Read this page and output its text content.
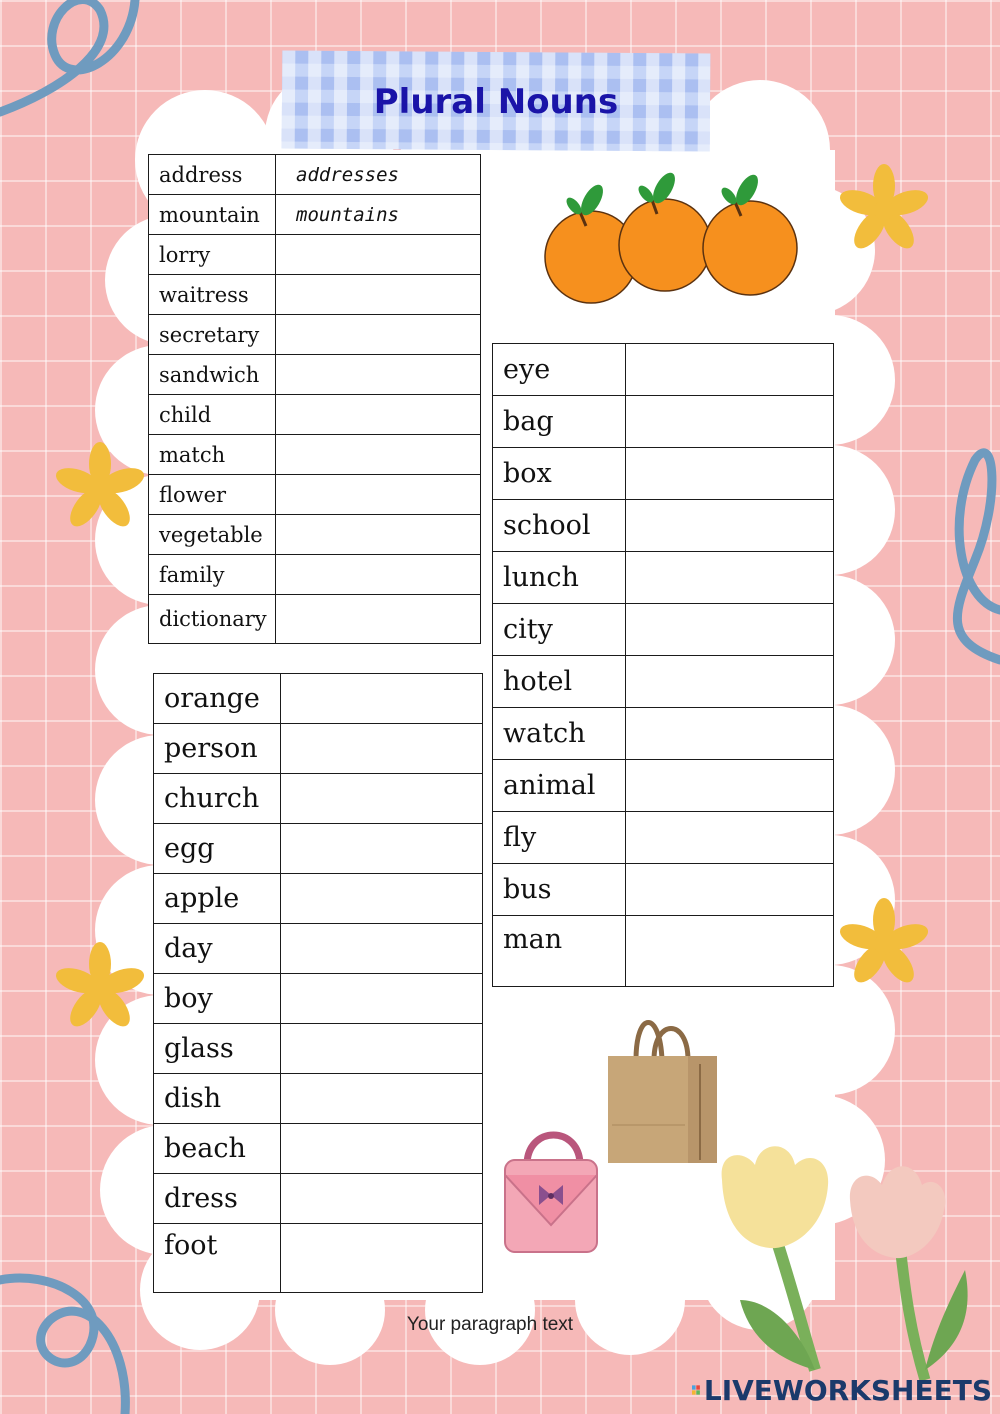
Plural Nouns
address	addresses
mountain	mountains
lorry	
waitress	
secretary	
sandwich	
child	
match	
flower	
vegetable	
family	
dictionary	
orange	
person	
church	
egg	
apple	
day	
boy	
glass	
dish	
beach	
dress	
foot	
eye	
bag	
box	
school	
lunch	
city	
hotel	
watch	
animal	
fly	
bus	
man	

Your paragraph text

LIVEWORKSHEETS
